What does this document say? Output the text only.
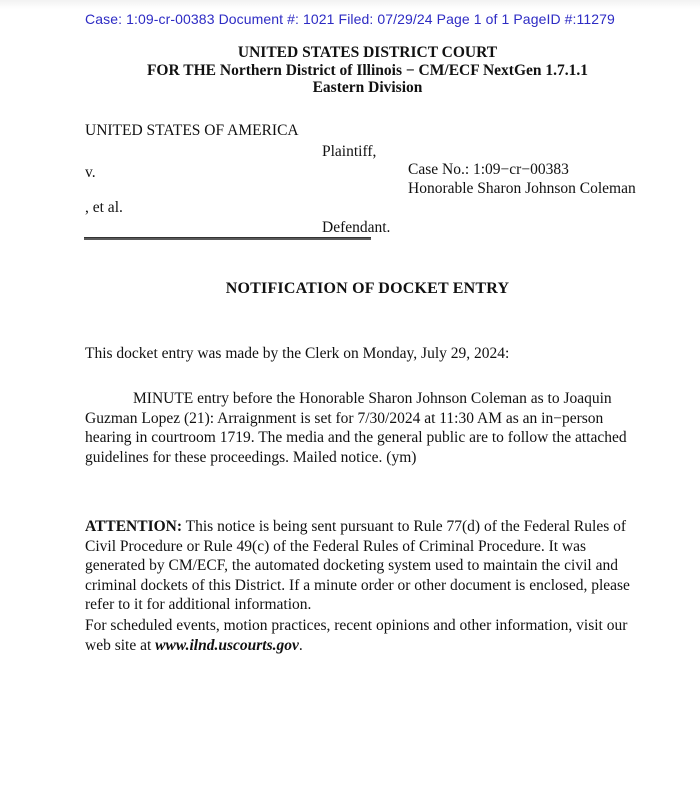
Case: 1:09-cr-00383 Document #: 1021 Filed: 07/29/24 Page 1 of 1 PageID #:11279
UNITED STATES DISTRICT COURT
FOR THE Northern District of Illinois − CM/ECF NextGen 1.7.1.1
Eastern Division
UNITED STATES OF AMERICA
Plaintiff,
v.	Case No.: 1:09−cr−00383
Honorable Sharon Johnson Coleman
, et al.
Defendant.
NOTIFICATION OF DOCKET ENTRY
This docket entry was made by the Clerk on Monday, July 29, 2024:
MINUTE entry before the Honorable Sharon Johnson Coleman as to Joaquin
Guzman Lopez (21): Arraignment is set for 7/30/2024 at 11:30 AM as an in−person
hearing in courtroom 1719. The media and the general public are to follow the attached
guidelines for these proceedings. Mailed notice. (ym)
ATTENTION: This notice is being sent pursuant to Rule 77(d) of the Federal Rules of
Civil Procedure or Rule 49(c) of the Federal Rules of Criminal Procedure. It was
generated by CM/ECF, the automated docketing system used to maintain the civil and
criminal dockets of this District. If a minute order or other document is enclosed, please
refer to it for additional information.
For scheduled events, motion practices, recent opinions and other information, visit our
web site at www.ilnd.uscourts.gov.
